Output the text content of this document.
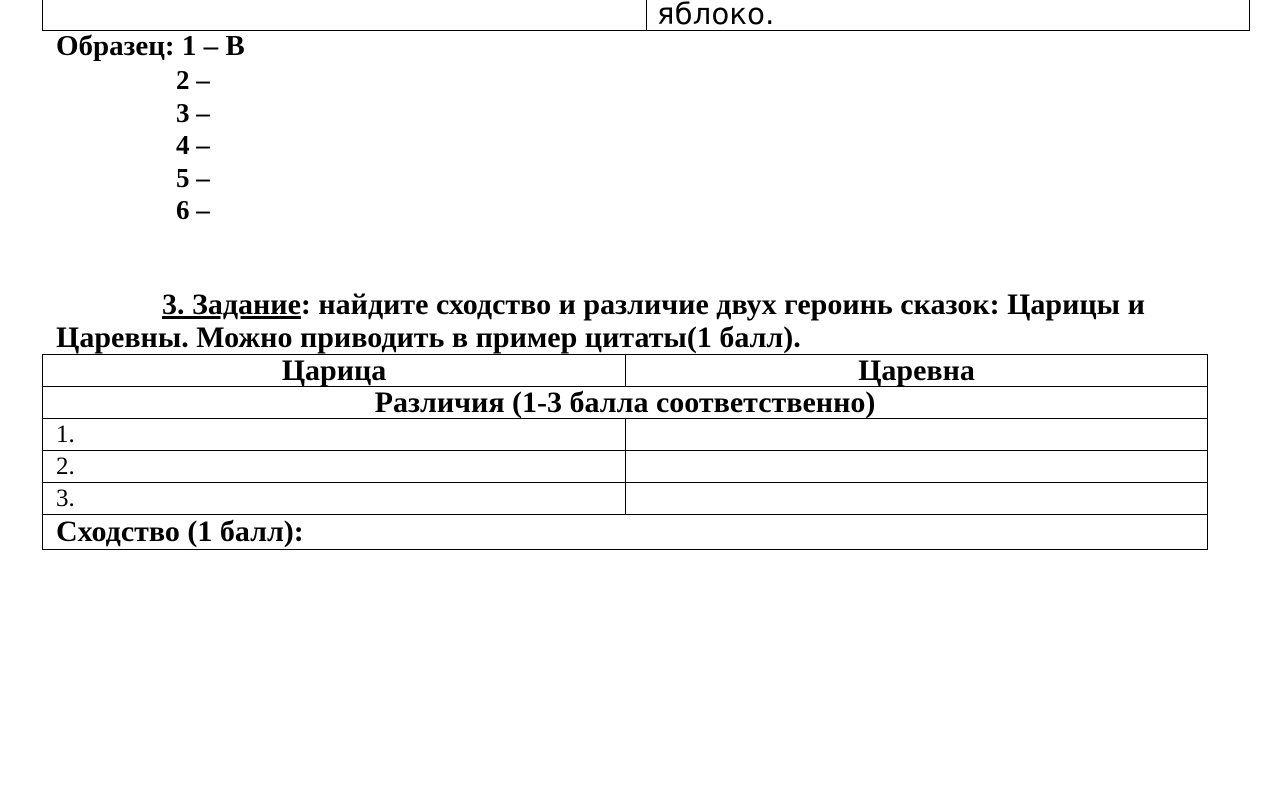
яблоко.
Образец: 1 – В
2 –
3 –
4 –
5 –
6 –
3. Задание: найдите сходство и различие двух героинь сказок: Царицы и Царевны. Можно приводить в пример цитаты(1 балл).
Царица	Царевна
Различия (1-3 балла соответственно)	
1.	
2.	
3.	
Сходство (1 балл):	
